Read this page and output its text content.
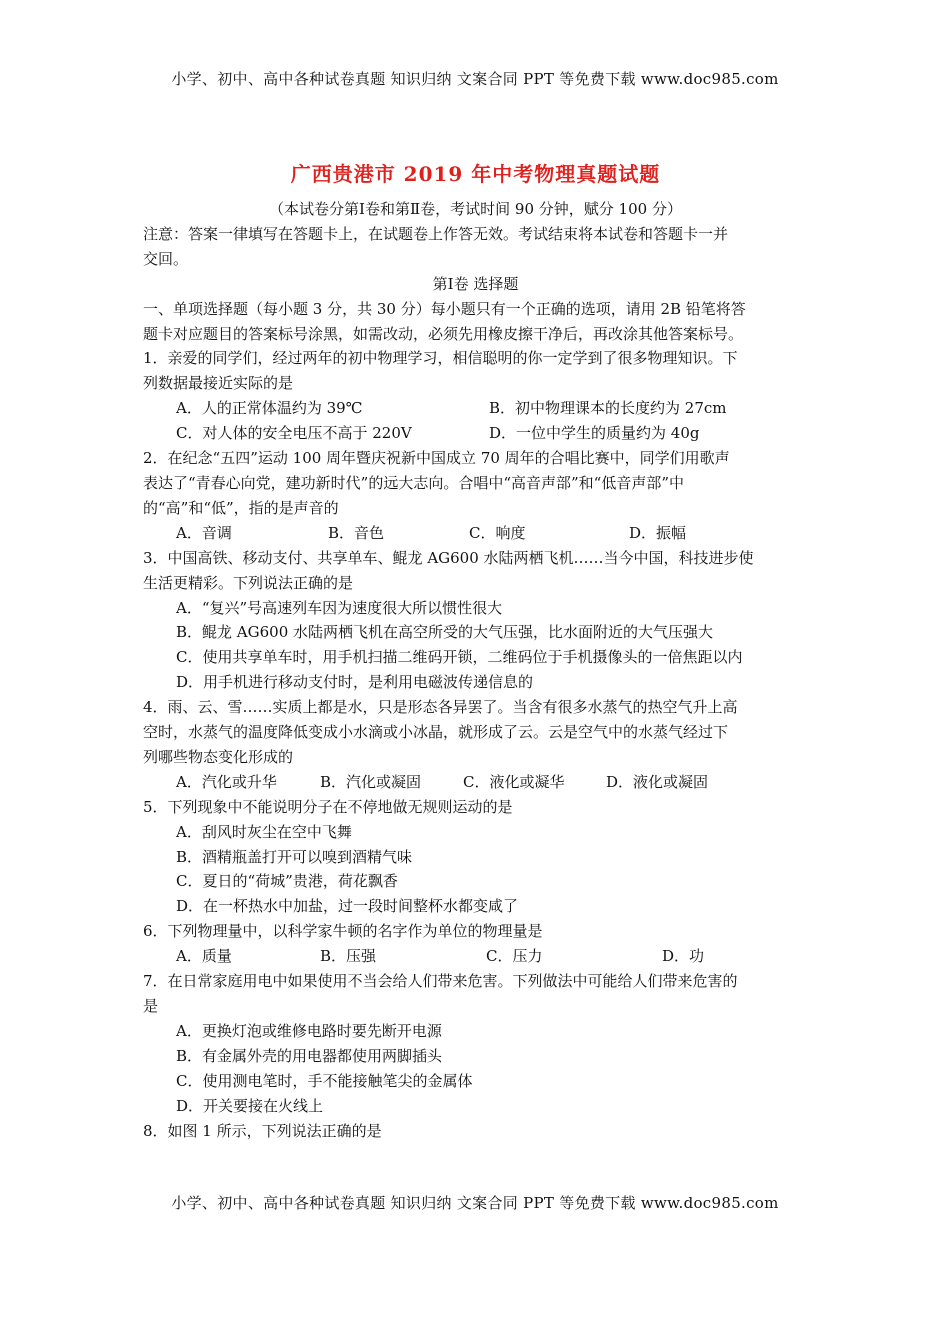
小学、初中、高中各种试卷真题 知识归纳 文案合同 PPT 等免费下载 www.doc985.com
广西贵港市 2019 年中考物理真题试题
（本试卷分第Ⅰ卷和第Ⅱ卷，考试时间 90 分钟，赋分 100 分）
注意：答案一律填写在答题卡上，在试题卷上作答无效。考试结束将本试卷和答题卡一并
交回。
第Ⅰ卷 选择题
一、单项选择题（每小题 3 分，共 30 分）每小题只有一个正确的选项，请用 2B 铅笔将答
题卡对应题目的答案标号涂黑，如需改动，必须先用橡皮擦干净后，再改涂其他答案标号。
1．亲爱的同学们，经过两年的初中物理学习，相信聪明的你一定学到了很多物理知识。下
列数据最接近实际的是
A．人的正常体温约为 39℃	B．初中物理课本的长度约为 27cm
C．对人体的安全电压不高于 220V	D．一位中学生的质量约为 40g
2．在纪念“五四”运动 100 周年暨庆祝新中国成立 70 周年的合唱比赛中，同学们用歌声
表达了“青春心向党，建功新时代”的远大志向。合唱中“高音声部”和“低音声部”中
的“高”和“低”，指的是声音的
A．音调	B．音色	C．响度	D．振幅
3．中国高铁、移动支付、共享单车、鲲龙 AG600 水陆两栖飞机……当今中国，科技进步使
生活更精彩。下列说法正确的是
A．“复兴”号高速列车因为速度很大所以惯性很大
B．鲲龙 AG600 水陆两栖飞机在高空所受的大气压强，比水面附近的大气压强大
C．使用共享单车时，用手机扫描二维码开锁，二维码位于手机摄像头的一倍焦距以内
D．用手机进行移动支付时，是利用电磁波传递信息的
4．雨、云、雪……实质上都是水，只是形态各异罢了。当含有很多水蒸气的热空气升上高
空时，水蒸气的温度降低变成小水滴或小冰晶，就形成了云。云是空气中的水蒸气经过下
列哪些物态变化形成的
A．汽化或升华	B．汽化或凝固	C．液化或凝华	D．液化或凝固
5．下列现象中不能说明分子在不停地做无规则运动的是
A．刮风时灰尘在空中飞舞
B．酒精瓶盖打开可以嗅到酒精气味
C．夏日的“荷城”贵港，荷花飘香
D．在一杯热水中加盐，过一段时间整杯水都变咸了
6．下列物理量中，以科学家牛顿的名字作为单位的物理量是
A．质量	B．压强	C．压力	D．功
7．在日常家庭用电中如果使用不当会给人们带来危害。下列做法中可能给人们带来危害的
是
A．更换灯泡或维修电路时要先断开电源
B．有金属外壳的用电器都使用两脚插头
C．使用测电笔时，手不能接触笔尖的金属体
D．开关要接在火线上
8．如图 1 所示，下列说法正确的是
小学、初中、高中各种试卷真题 知识归纳 文案合同 PPT 等免费下载 www.doc985.com
